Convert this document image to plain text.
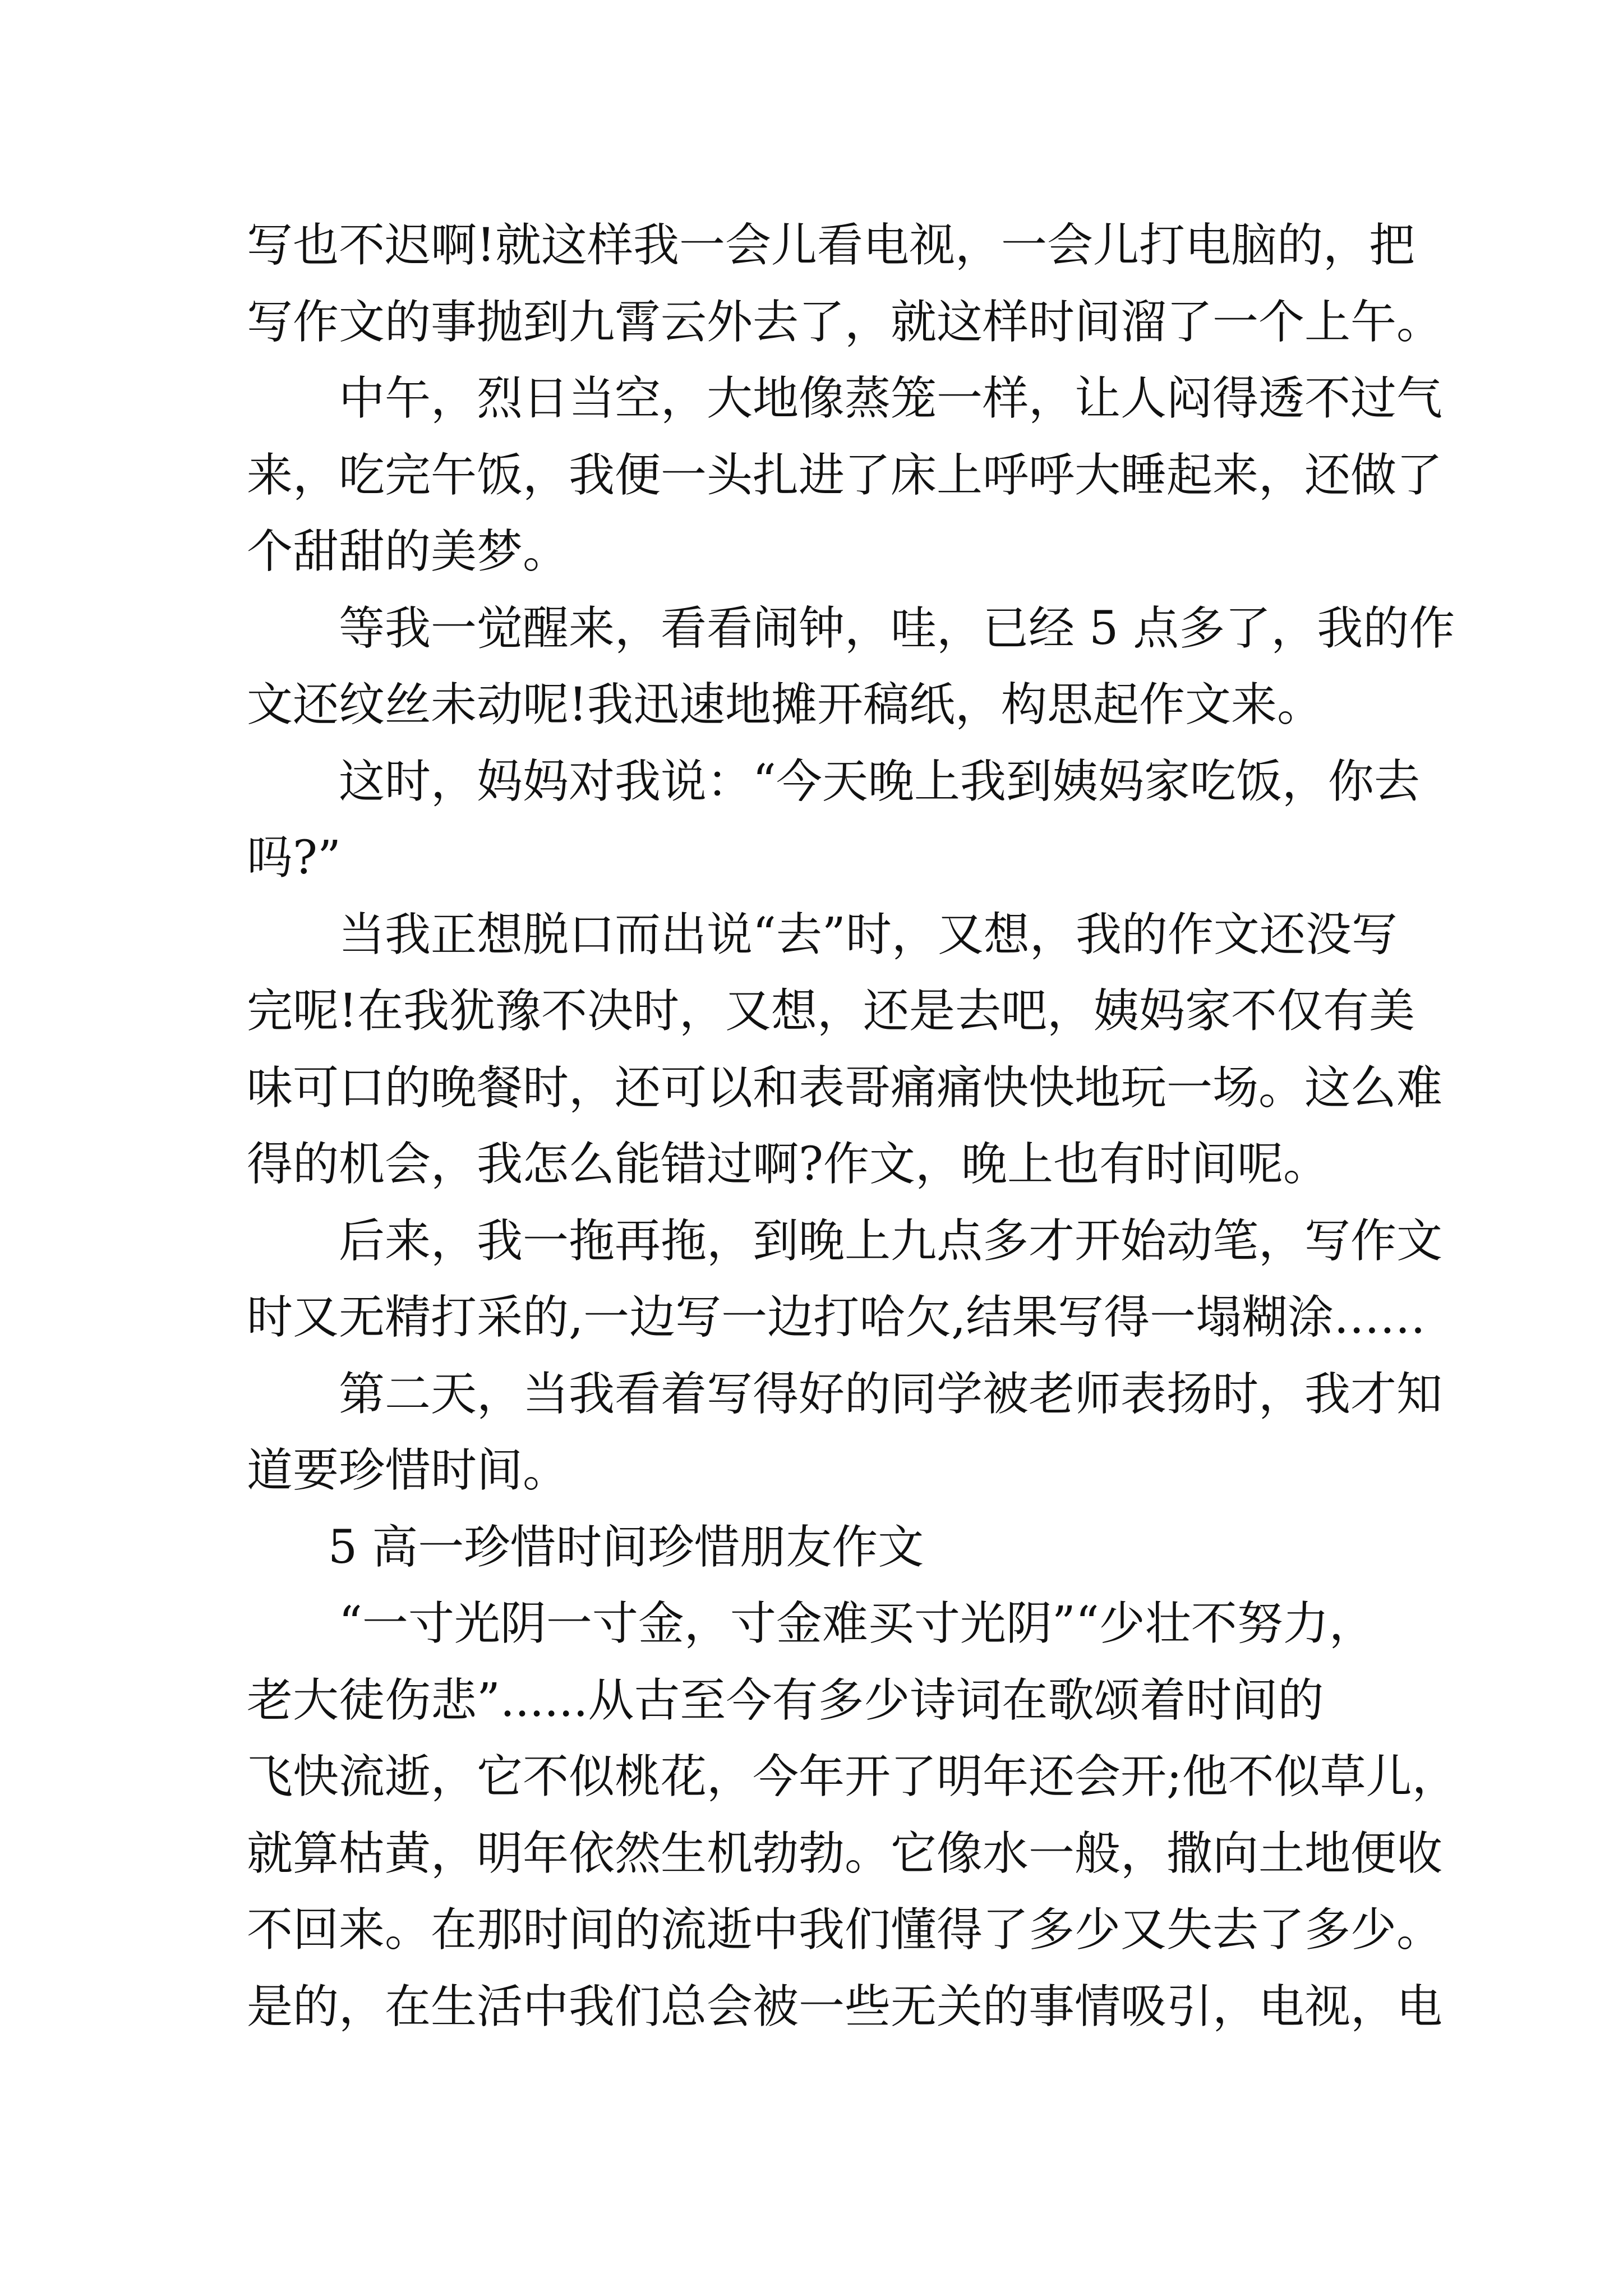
写也不迟啊!就这样我一会儿看电视，一会儿打电脑的，把
写作文的事抛到九霄云外去了，就这样时间溜了一个上午。
中午，烈日当空，大地像蒸笼一样，让人闷得透不过气
来，吃完午饭，我便一头扎进了床上呼呼大睡起来，还做了
个甜甜的美梦。
等我一觉醒来，看看闹钟，哇，已经 5 点多了，我的作
文还纹丝未动呢!我迅速地摊开稿纸，构思起作文来。
这时，妈妈对我说：“今天晚上我到姨妈家吃饭，你去
吗?”
当我正想脱口而出说“去”时，又想，我的作文还没写
完呢!在我犹豫不决时，又想，还是去吧，姨妈家不仅有美
味可口的晚餐时，还可以和表哥痛痛快快地玩一场。这么难
得的机会，我怎么能错过啊?作文，晚上也有时间呢。
后来，我一拖再拖，到晚上九点多才开始动笔，写作文
时又无精打采的,一边写一边打哈欠,结果写得一塌糊涂……
第二天，当我看着写得好的同学被老师表扬时，我才知
道要珍惜时间。
5 高一珍惜时间珍惜朋友作文
“一寸光阴一寸金，寸金难买寸光阴”“少壮不努力，
老大徒伤悲”......从古至今有多少诗词在歌颂着时间的
飞快流逝，它不似桃花，今年开了明年还会开;他不似草儿，
就算枯黄，明年依然生机勃勃。它像水一般，撒向土地便收
不回来。在那时间的流逝中我们懂得了多少又失去了多少。
是的，在生活中我们总会被一些无关的事情吸引，电视，电
